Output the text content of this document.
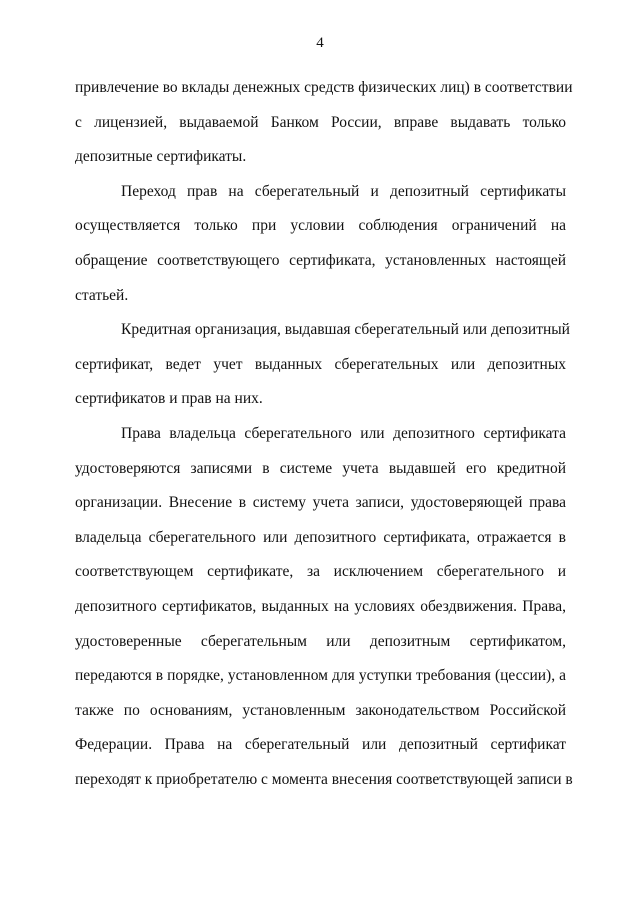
4
привлечение во вклады денежных средств физических лиц) в соответствии
с лицензией, выдаваемой Банком России, вправе выдавать только
депозитные сертификаты.
Переход прав на сберегательный и депозитный сертификаты
осуществляется только при условии соблюдения ограничений на
обращение соответствующего сертификата, установленных настоящей
статьей.
Кредитная организация, выдавшая сберегательный или депозитный
сертификат, ведет учет выданных сберегательных или депозитных
сертификатов и прав на них.
Права владельца сберегательного или депозитного сертификата
удостоверяются записями в системе учета выдавшей его кредитной
организации. Внесение в систему учета записи, удостоверяющей права
владельца сберегательного или депозитного сертификата, отражается в
соответствующем сертификате, за исключением сберегательного и
депозитного сертификатов, выданных на условиях обездвижения. Права,
удостоверенные сберегательным или депозитным сертификатом,
передаются в порядке, установленном для уступки требования (цессии), а
также по основаниям, установленным законодательством Российской
Федерации. Права на сберегательный или депозитный сертификат
переходят к приобретателю с момента внесения соответствующей записи в
